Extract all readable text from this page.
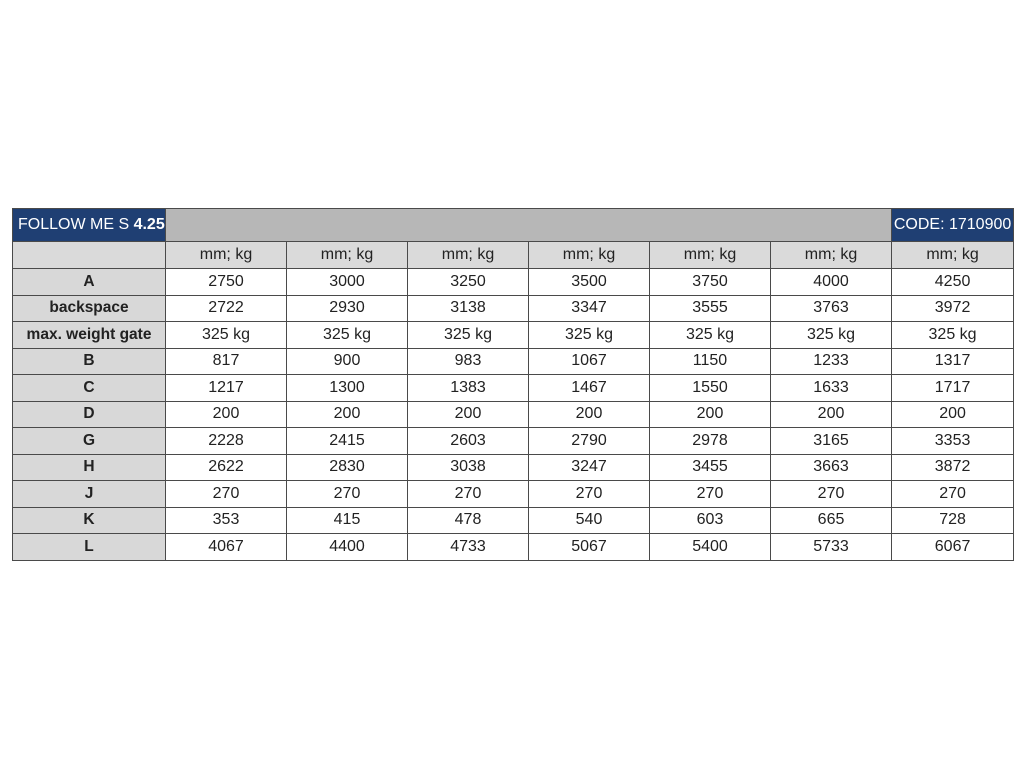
FOLLOW ME S 4.25							CODE: 1710900
	mm; kg	mm; kg	mm; kg	mm; kg	mm; kg	mm; kg	mm; kg
A	2750	3000	3250	3500	3750	4000	4250
backspace	2722	2930	3138	3347	3555	3763	3972
max. weight gate	325 kg	325 kg	325 kg	325 kg	325 kg	325 kg	325 kg
B	817	900	983	1067	1150	1233	1317
C	1217	1300	1383	1467	1550	1633	1717
D	200	200	200	200	200	200	200
G	2228	2415	2603	2790	2978	3165	3353
H	2622	2830	3038	3247	3455	3663	3872
J	270	270	270	270	270	270	270
K	353	415	478	540	603	665	728
L	4067	4400	4733	5067	5400	5733	6067
